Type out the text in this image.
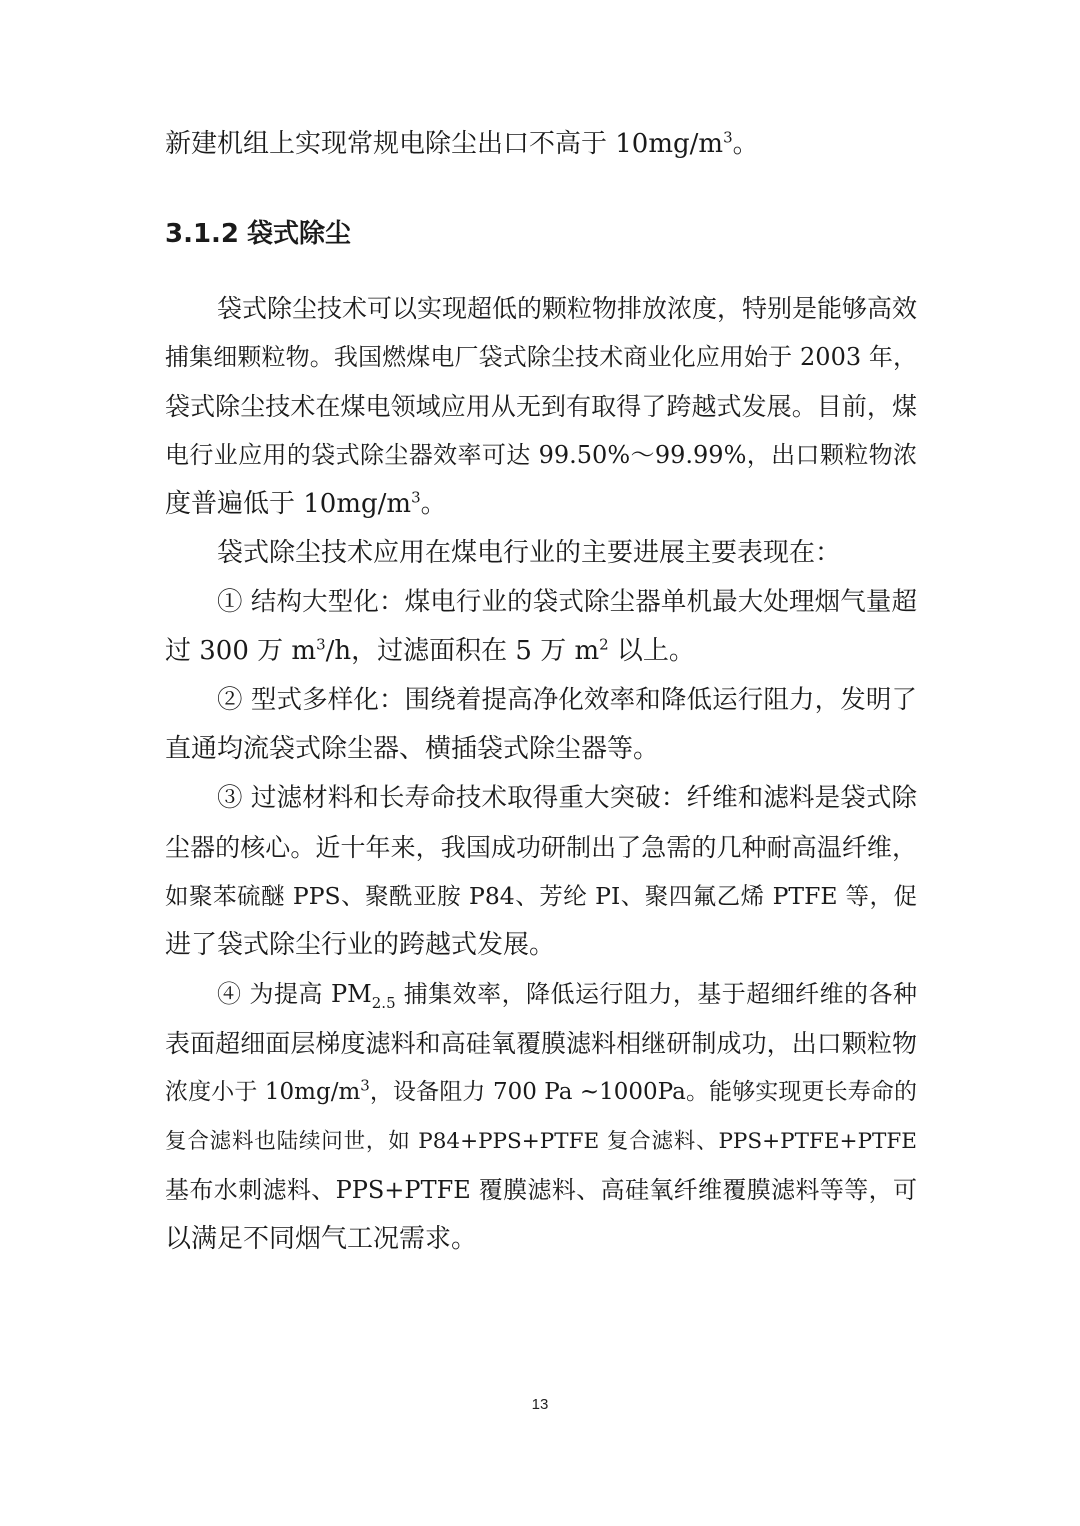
新建机组上实现常规电除尘出口不高于 $10mg/m^3$。
3.1.2 袋式除尘
袋式除尘技术可以实现超低的颗粒物排放浓度，特别是能够高效
捕集细颗粒物。我国燃煤电厂袋式除尘技术商业化应用始于 2003 年，
袋式除尘技术在煤电领域应用从无到有取得了跨越式发展。目前，煤
电行业应用的袋式除尘器效率可达 99.50%～99.99%，出口颗粒物浓
度普遍低于 $10mg/m^3$。
袋式除尘技术应用在煤电行业的主要进展主要表现在：
① 结构大型化：煤电行业的袋式除尘器单机最大处理烟气量超
过 300 万 $m^3/h$，过滤面积在 5 万 $m^2$ 以上。
② 型式多样化：围绕着提高净化效率和降低运行阻力，发明了
直通均流袋式除尘器、横插袋式除尘器等。
③ 过滤材料和长寿命技术取得重大突破：纤维和滤料是袋式除
尘器的核心。近十年来，我国成功研制出了急需的几种耐高温纤维，
如聚苯硫醚 PPS、聚酰亚胺 P84、芳纶 PI、聚四氟乙烯 PTFE 等，促
进了袋式除尘行业的跨越式发展。
④ 为提高 $PM_{2.5}$ 捕集效率，降低运行阻力，基于超细纤维的各种
表面超细面层梯度滤料和高硅氧覆膜滤料相继研制成功，出口颗粒物
浓度小于 $10mg/m^3$，设备阻力 700 Pa ~1000Pa。能够实现更长寿命的
复合滤料也陆续问世，如 P84+PPS+PTFE 复合滤料、PPS+PTFE+PTFE
基布水刺滤料、PPS+PTFE 覆膜滤料、高硅氧纤维覆膜滤料等等，可
以满足不同烟气工况需求。
13
